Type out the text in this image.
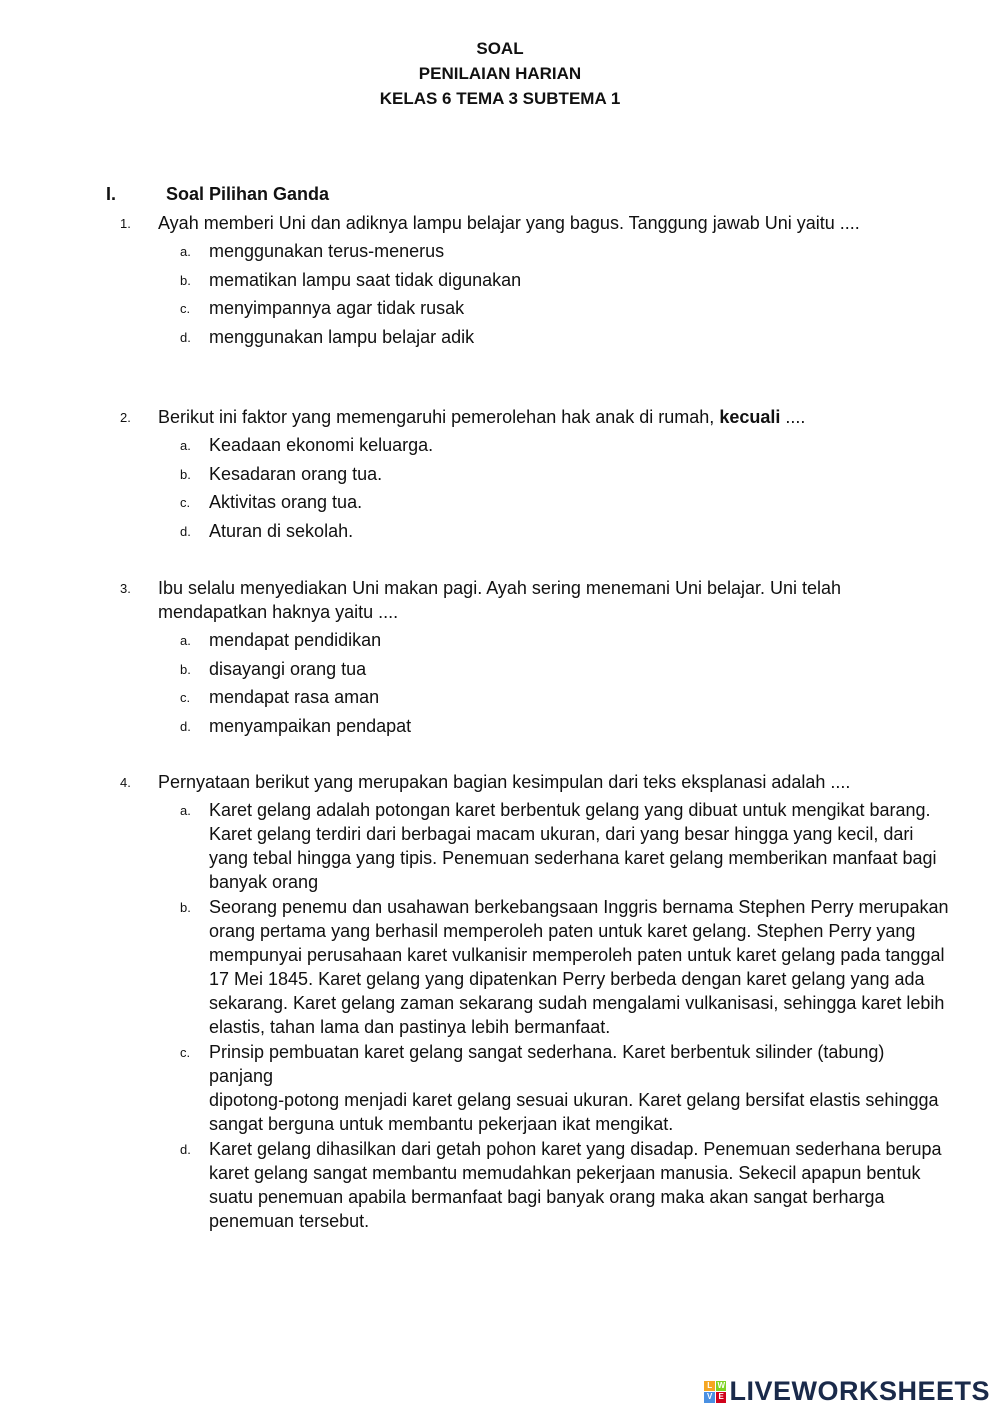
SOAL
PENILAIAN HARIAN
KELAS 6 TEMA 3 SUBTEMA 1
I.	Soal Pilihan Ganda
1. Ayah memberi Uni dan adiknya lampu belajar yang bagus. Tanggung jawab Uni yaitu ....
a. menggunakan terus-menerus
b. mematikan lampu saat tidak digunakan
c. menyimpannya agar tidak rusak
d. menggunakan lampu belajar adik
2. Berikut ini faktor yang memengaruhi pemerolehan hak anak di rumah, kecuali ....
a. Keadaan ekonomi keluarga.
b. Kesadaran orang tua.
c. Aktivitas orang tua.
d. Aturan di sekolah.
3. Ibu selalu menyediakan Uni makan pagi. Ayah sering menemani Uni belajar. Uni telah mendapatkan haknya yaitu ....
a. mendapat pendidikan
b. disayangi orang tua
c. mendapat rasa aman
d. menyampaikan pendapat
4. Pernyataan berikut yang merupakan bagian kesimpulan dari teks eksplanasi adalah ....
a. Karet gelang adalah potongan karet berbentuk gelang yang dibuat untuk mengikat barang. Karet gelang terdiri dari berbagai macam ukuran, dari yang besar hingga yang kecil, dari yang tebal hingga yang tipis. Penemuan sederhana karet gelang memberikan manfaat bagi banyak orang
b. Seorang penemu dan usahawan berkebangsaan Inggris bernama Stephen Perry merupakan orang pertama yang berhasil memperoleh paten untuk karet gelang. Stephen Perry yang mempunyai perusahaan karet vulkanisir memperoleh paten untuk karet gelang pada tanggal 17 Mei 1845. Karet gelang yang dipatenkan Perry berbeda dengan karet gelang yang ada sekarang. Karet gelang zaman sekarang sudah mengalami vulkanisasi, sehingga karet lebih elastis, tahan lama dan pastinya lebih bermanfaat.
c. Prinsip pembuatan karet gelang sangat sederhana. Karet berbentuk silinder (tabung) panjang
dipotong-potong menjadi karet gelang sesuai ukuran. Karet gelang bersifat elastis sehingga sangat berguna untuk membantu pekerjaan ikat mengikat.
d. Karet gelang dihasilkan dari getah pohon karet yang disadap. Penemuan sederhana berupa karet gelang sangat membantu memudahkan pekerjaan manusia. Sekecil apapun bentuk suatu penemuan apabila bermanfaat bagi banyak orang maka akan sangat berharga penemuan tersebut.
L W
V E LIVEWORKSHEETS
